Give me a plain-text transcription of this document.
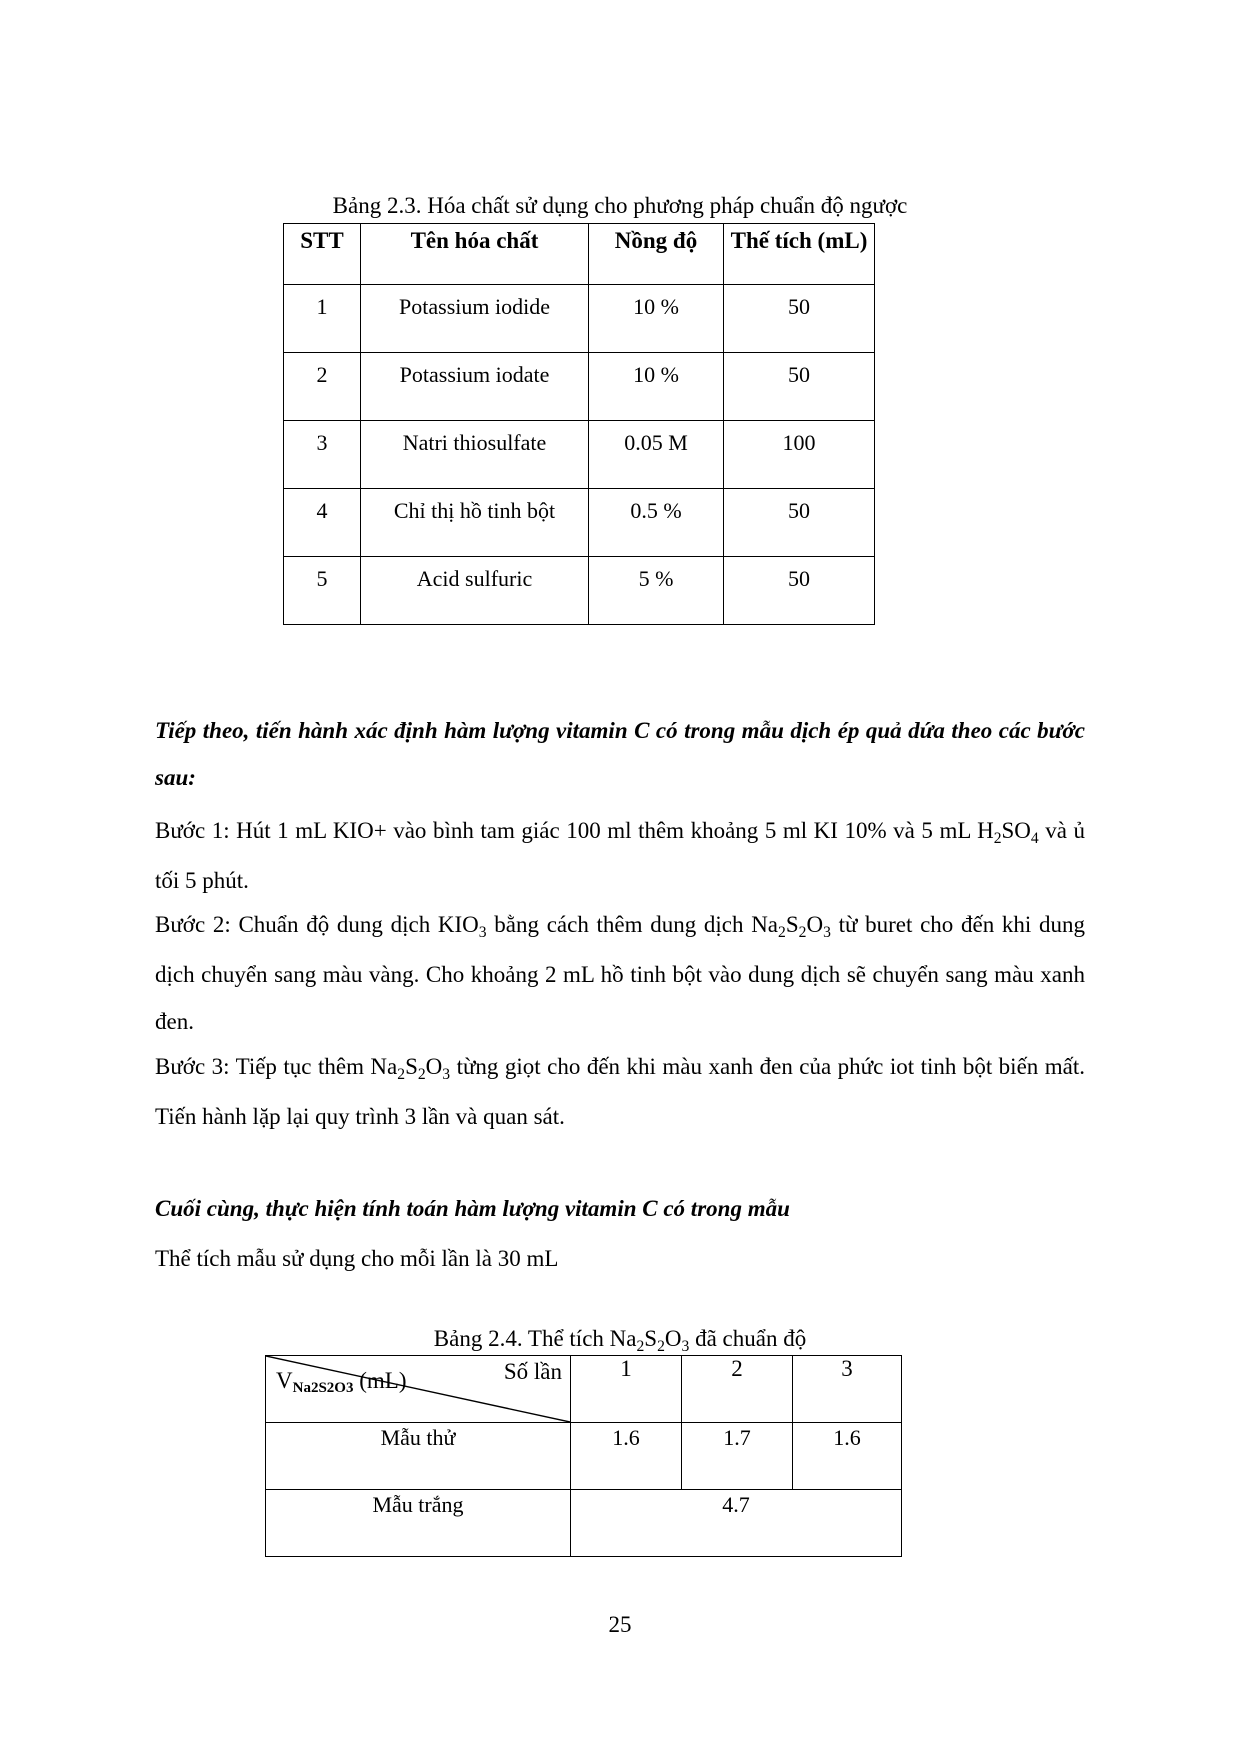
Bảng 2.3. Hóa chất sử dụng cho phương pháp chuẩn độ ngược
STT	Tên hóa chất	Nồng độ	Thế tích (mL)
1	Potassium iodide	10 %	50
2	Potassium iodate	10 %	50
3	Natri thiosulfate	0.05 M	100
4	Chỉ thị hồ tinh bột	0.5 %	50
5	Acid sulfuric	5 %	50
Tiếp theo, tiến hành xác định hàm lượng vitamin C có trong mẫu dịch ép quả dứa theo các bước sau:
Bước 1: Hút 1 mL KIO+ vào bình tam giác 100 ml thêm khoảng 5 ml KI 10% và 5 mL $H_2SO_4$ và ủ tối 5 phút.
Bước 2: Chuẩn độ dung dịch $KIO_3$ bằng cách thêm dung dịch $Na_2S_2O_3$ từ buret cho đến khi dung dịch chuyển sang màu vàng. Cho khoảng 2 mL hồ tinh bột vào dung dịch sẽ chuyển sang màu xanh đen.
Bước 3: Tiếp tục thêm $Na_2S_2O_3$ từng giọt cho đến khi màu xanh đen của phức iot tinh bột biến mất. Tiến hành lặp lại quy trình 3 lần và quan sát.
Cuối cùng, thực hiện tính toán hàm lượng vitamin C có trong mẫu
Thể tích mẫu sử dụng cho mỗi lần là 30 mL
Bảng 2.4. Thể tích $Na_2S_2O_3$ đã chuẩn độ
Số lần
VNa2S2O3 (mL)	1	2	3

Mẫu thử	1.6	1.7	1.6

Mẫu trắng	4.7		
25
